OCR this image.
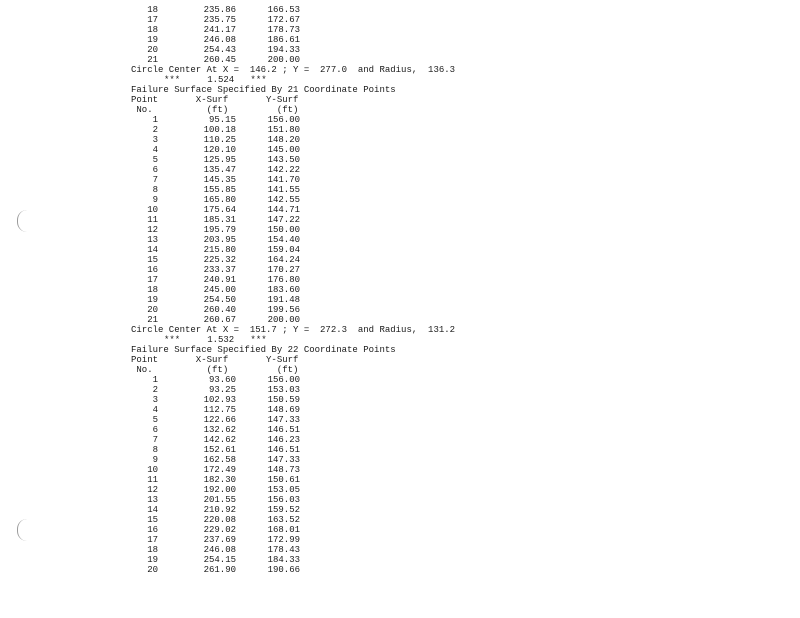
18	235.86	166.53
17	235.75	172.67
18	241.17	178.73
19	246.08	186.61
20	254.43	194.33
21	260.45	200.00
Circle Center At X =  146.2 ; Y =  277.0  and Radius,  136.3
***     1.524   ***
Failure Surface Specified By 21 Coordinate Points
Point       X-Surf       Y-Surf
No.          (ft)         (ft)
1	95.15	156.00
2	100.18	151.80
3	110.25	148.20
4	120.10	145.00
5	125.95	143.50
6	135.47	142.22
7	145.35	141.70
8	155.85	141.55
9	165.80	142.55
10	175.64	144.71
11	185.31	147.22
12	195.79	150.00
13	203.95	154.40
14	215.80	159.04
15	225.32	164.24
16	233.37	170.27
17	240.91	176.80
18	245.00	183.60
19	254.50	191.48
20	260.40	199.56
21	260.67	200.00
Circle Center At X =  151.7 ; Y =  272.3  and Radius,  131.2
***     1.532   ***
Failure Surface Specified By 22 Coordinate Points
Point       X-Surf       Y-Surf
No.          (ft)         (ft)
1	93.60	156.00
2	93.25	153.03
3	102.93	150.59
4	112.75	148.69
5	122.66	147.33
6	132.62	146.51
7	142.62	146.23
8	152.61	146.51
9	162.58	147.33
10	172.49	148.73
11	182.30	150.61
12	192.00	153.05
13	201.55	156.03
14	210.92	159.52
15	220.08	163.52
16	229.02	168.01
17	237.69	172.99
18	246.08	178.43
19	254.15	184.33
20	261.90	190.66
